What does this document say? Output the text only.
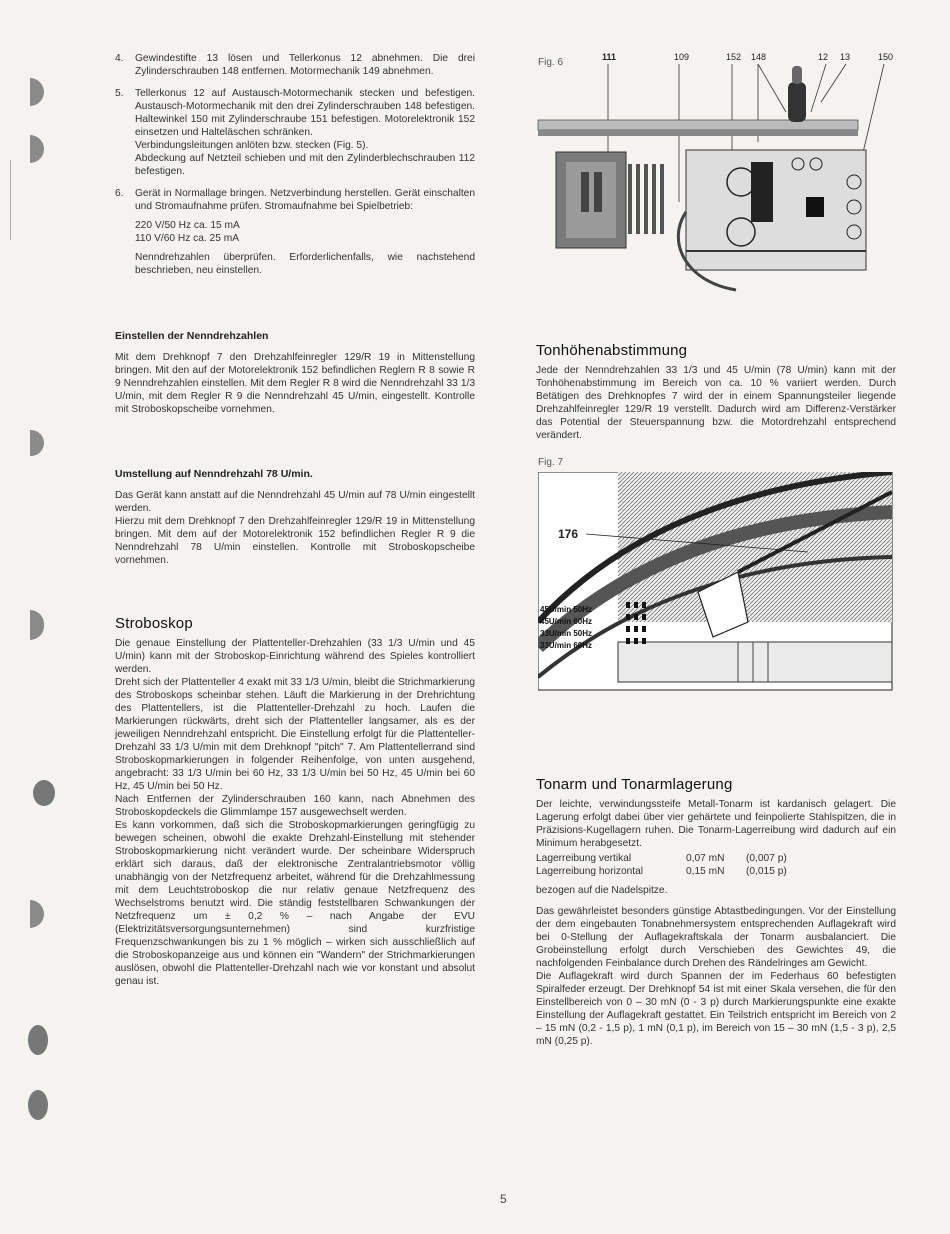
4. Gewindestifte 13 lösen und Tellerkonus 12 abnehmen. Die drei Zylinderschrauben 148 entfernen. Motormechanik 149 abnehmen.

5. Tellerkonus 12 auf Austausch-Motormechanik stecken und befestigen. Austausch-Motormechanik mit den drei Zylinderschrauben 148 befestigen. Haltewinkel 150 mit Zylinderschraube 151 befestigen. Motorelektronik 152 einsetzen und Halteläschen schränken.

Verbindungsleitungen anlöten bzw. stecken (Fig. 5).

Abdeckung auf Netzteil schieben und mit den Zylinderblechschrauben 112 befestigen.

6. Gerät in Normallage bringen. Netzverbindung herstellen. Gerät einschalten und Stromaufnahme prüfen. Stromaufnahme bei Spielbetrieb:

220 V/50 Hz ca. 15 mA

110 V/60 Hz ca. 25 mA

Nenndrehzahlen überprüfen. Erforderlichenfalls, wie nachstehend beschrieben, neu einstellen.

Einstellen der Nenndrehzahlen

Mit dem Drehknopf 7 den Drehzahlfeinregler 129/R 19 in Mittenstellung bringen. Mit den auf der Motorelektronik 152 befindlichen Reglern R 8 sowie R 9 Nenndrehzahlen einstellen. Mit dem Regler R 8 wird die Nenndrehzahl 33 1/3 U/min, mit dem Regler R 9 die Nenndrehzahl 45 U/min, eingestellt. Kontrolle mit Stroboskopscheibe vornehmen.

Umstellung auf Nenndrehzahl 78 U/min.

Das Gerät kann anstatt auf die Nenndrehzahl 45 U/min auf 78 U/min eingestellt werden.

Hierzu mit dem Drehknopf 7 den Drehzahlfeinregler 129/R 19 in Mittenstellung bringen. Mit dem auf der Motorelektronik 152 befindlichen Regler R 9 die Nenndrehzahl 78 U/min einstellen. Kontrolle mit Stroboskopscheibe vornehmen.

Stroboskop

Die genaue Einstellung der Plattenteller-Drehzahlen (33 1/3 U/min und 45 U/min) kann mit der Stroboskop-Einrichtung während des Spieles kontrolliert werden.

Dreht sich der Plattenteller 4 exakt mit 33 1/3 U/min, bleibt die Strichmarkierung des Stroboskops scheinbar stehen. Läuft die Markierung in der Drehrichtung des Plattentellers, ist die Plattenteller-Drehzahl zu hoch. Laufen die Markierungen rückwärts, dreht sich der Plattenteller langsamer, als es der jeweiligen Nenndrehzahl entspricht. Die Einstellung erfolgt für die Plattenteller-Drehzahl 33 1/3 U/min mit dem Drehknopf "pitch" 7. Am Plattentellerrand sind Stroboskopmarkierungen in folgender Reihenfolge, von unten ausgehend, angebracht: 33 1/3 U/min bei 60 Hz, 33 1/3 U/min bei 50 Hz, 45 U/min bei 60 Hz, 45 U/min bei 50 Hz.

Nach Entfernen der Zylinderschrauben 160 kann, nach Abnehmen des Stroboskopdeckels die Glimmlampe 157 ausgewechselt werden.

Es kann vorkommen, daß sich die Stroboskopmarkierungen geringfügig zu bewegen scheinen, obwohl die exakte Drehzahl-Einstellung mit stehender Stroboskopmarkierung nicht verändert wurde. Der scheinbare Widerspruch erklärt sich daraus, daß der elektronische Zentralantriebsmotor völlig unabhängig von der Netzfrequenz arbeitet, während für die Drehzahlmessung mit dem Leuchtstroboskop die nur relativ genaue Netzfrequenz des Wechselstroms benutzt wird. Die ständig feststellbaren Schwankungen der Netzfrequenz um ± 0,2 % – nach Angabe der EVU (Elektrizitätsversorgungsunternehmen) sind kurzfristige Frequenzschwankungen bis zu 1 % möglich – wirken sich ausschließlich auf die Stroboskopanzeige aus und können ein "Wandern" der Strichmarkierungen auslösen, obwohl die Plattenteller-Drehzahl nach wie vor konstant und absolut genau ist.

Fig. 6	111	109	152 148	12 13	150
Tonhöhenabstimmung

Jede der Nenndrehzahlen 33 1/3 und 45 U/min (78 U/min) kann mit der Tonhöhenabstimmung im Bereich von ca. 10 % variiert werden. Durch Betätigen des Drehknopfes 7 wird der in einem Spannungsteiler liegende Drehzahlfeinregler 129/R 19 verstellt. Dadurch wird am Differenz-Verstärker das Potential der Steuerspannung bzw. die Motordrehzahl entsprechend verändert.

Fig. 7
176
45U/min 50Hz
45U/min 60Hz
33U/min 50Hz
33U/min 60Hz
Tonarm und Tonarmlagerung

Der leichte, verwindungssteife Metall-Tonarm ist kardanisch gelagert. Die Lagerung erfolgt dabei über vier gehärtete und feinpolierte Stahlspitzen, die in Präzisions-Kugellagern ruhen. Die Tonarm-Lagerreibung wird dadurch auf ein Minimum herabgesetzt.

Lagerreibung vertikal	0,07 mN	(0,007 p)
Lagerreibung horizontal	0,15 mN	(0,015 p)

bezogen auf die Nadelspitze.

Das gewährleistet besonders günstige Abtastbedingungen. Vor der Einstellung der dem eingebauten Tonabnehmersystem entsprechenden Auflagekraft wird bei 0-Stellung der Auflagekraftskala der Tonarm ausbalanciert. Die Grobeinstellung erfolgt durch Verschieben des Gewichtes 49, die nachfolgenden Feinbalance durch Drehen des Rändelringes am Gewicht.

Die Auflagekraft wird durch Spannen der im Federhaus 60 befestigten Spiralfeder erzeugt. Der Drehknopf 54 ist mit einer Skala versehen, die für den Einstellbereich von 0 – 30 mN (0 - 3 p) durch Markierungspunkte eine exakte Einstellung der Auflagekraft gestattet. Ein Teilstrich entspricht im Bereich von 2 – 15 mN (0,2 - 1,5 p), 1 mN (0,1 p), im Bereich von 15 – 30 mN (1,5 - 3 p), 2,5 mN (0,25 p).

5
